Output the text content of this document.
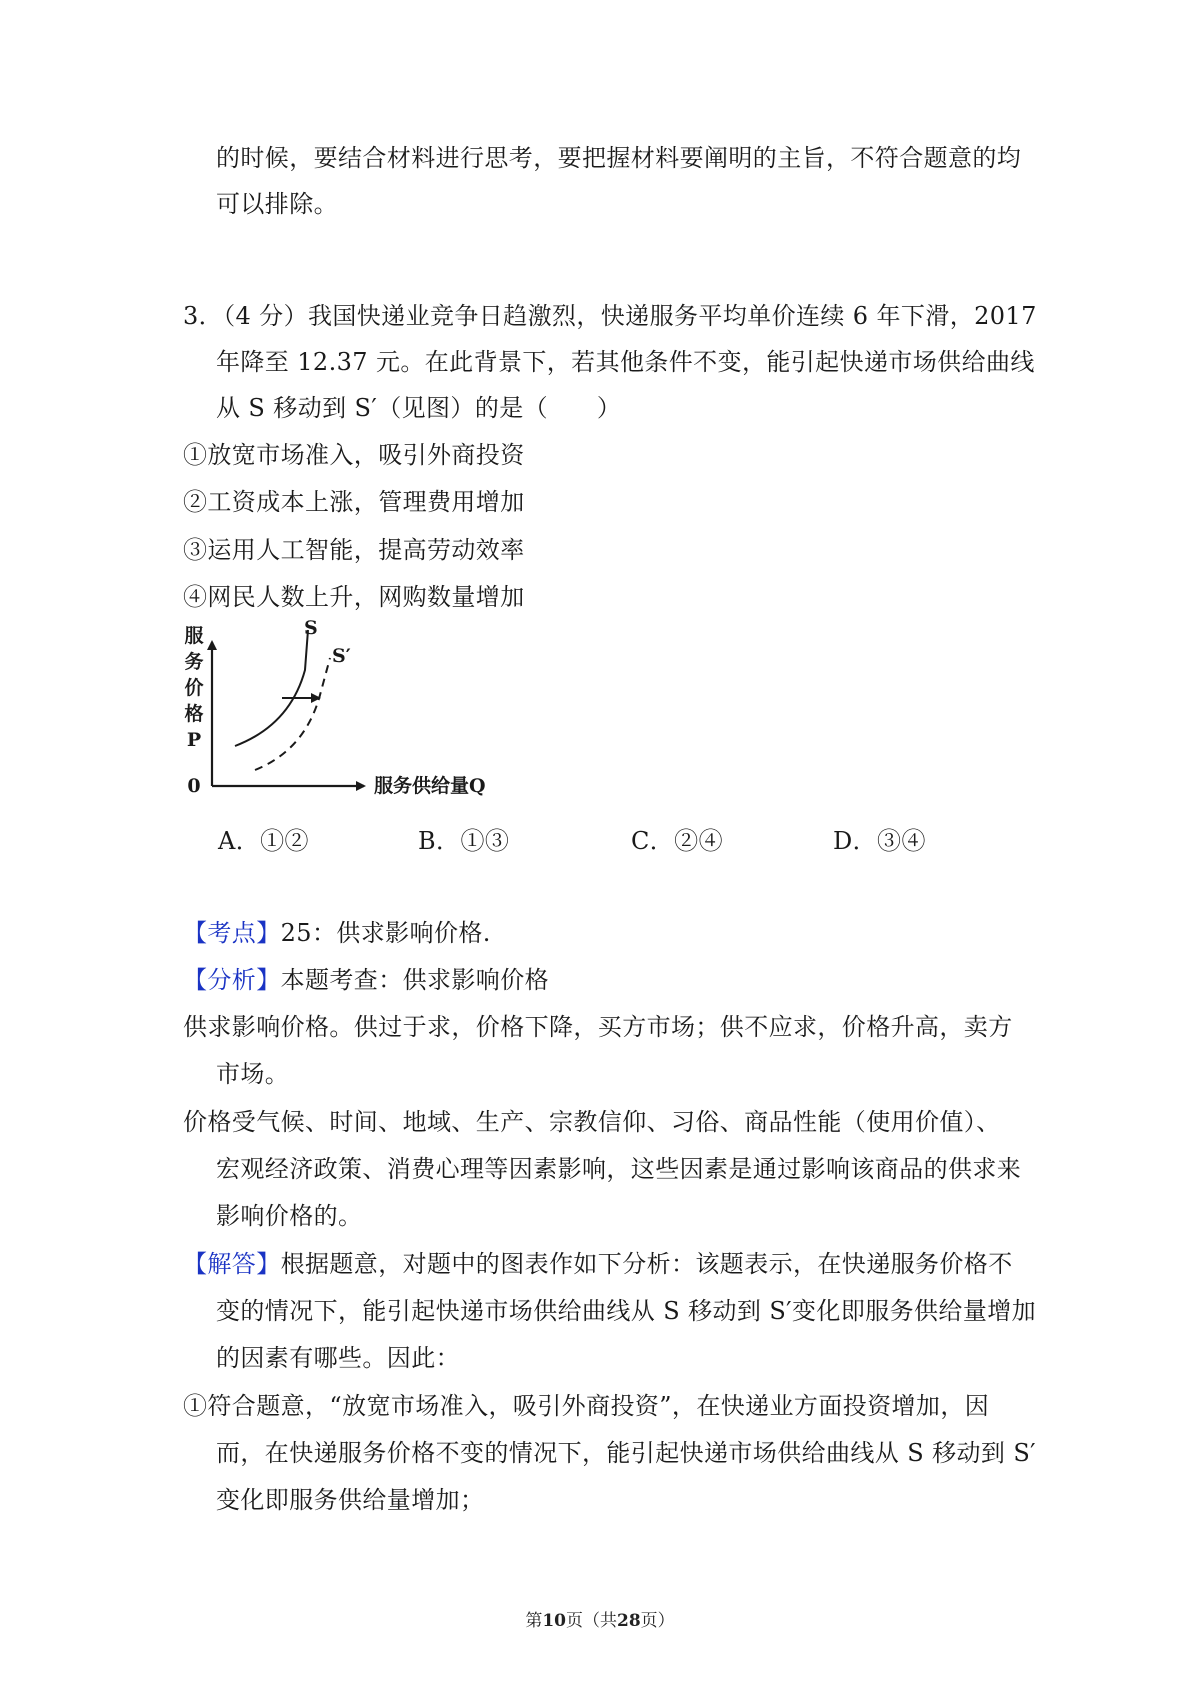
的时候，要结合材料进行思考，要把握材料要阐明的主旨，不符合题意的均
可以排除。
3．（4 分）我国快递业竞争日趋激烈，快递服务平均单价连续 6 年下滑，2017
年降至 12.37 元。在此背景下，若其他条件不变，能引起快递市场供给曲线
从 S 移动到 S′（见图）的是（　　）
①放宽市场准入，吸引外商投资
②工资成本上涨，管理费用增加
③运用人工智能，提高劳动效率
④网民人数上升，网购数量增加
服
务
价
格
P
0	服务供给量Q
S
S′
A．①②	B．①③	C．②④	D．③④
【考点】25：供求影响价格.
【分析】本题考查：供求影响价格
供求影响价格。供过于求，价格下降，买方市场；供不应求，价格升高，卖方
市场。
价格受气候、时间、地域、生产、宗教信仰、习俗、商品性能（使用价值）、
宏观经济政策、消费心理等因素影响，这些因素是通过影响该商品的供求来
影响价格的。
【解答】根据题意，对题中的图表作如下分析：该题表示，在快递服务价格不
变的情况下，能引起快递市场供给曲线从 S 移动到 S′变化即服务供给量增加
的因素有哪些。因此：
①符合题意，“放宽市场准入，吸引外商投资”，在快递业方面投资增加，因
而，在快递服务价格不变的情况下，能引起快递市场供给曲线从 S 移动到 S′
变化即服务供给量增加；
第10页（共28页）
